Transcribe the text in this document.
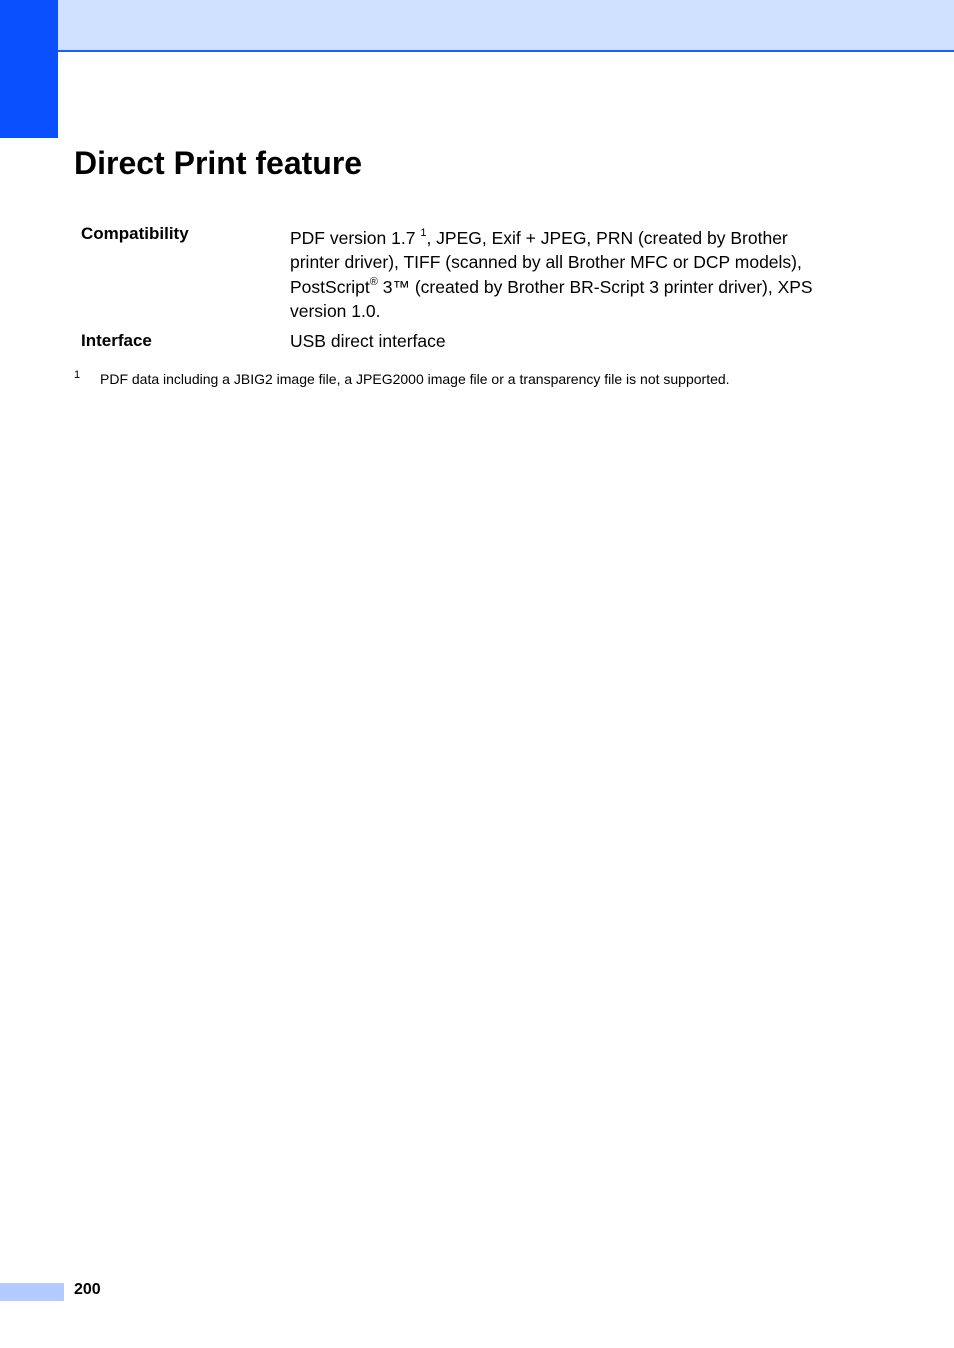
Direct Print feature
Compatibility	PDF version 1.7 $^1$, JPEG, Exif + JPEG, PRN (created by Brother
printer driver), TIFF (scanned by all Brother MFC or DCP models),
PostScript® 3™ (created by Brother BR-Script 3 printer driver), XPS
version 1.0.
Interface	USB direct interface
1 PDF data including a JBIG2 image file, a JPEG2000 image file or a transparency file is not supported.
200
